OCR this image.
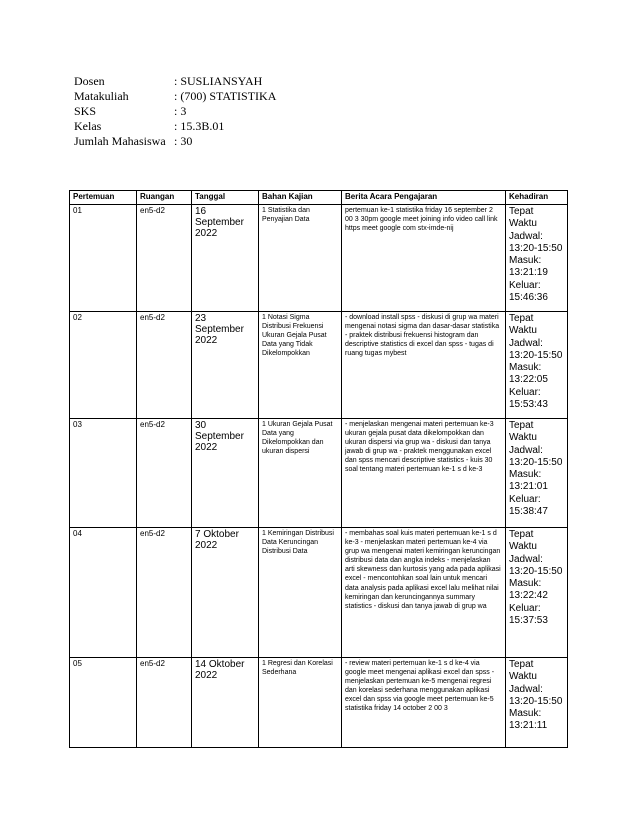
Dosen	: SUSLIANSYAH
Matakuliah	: (700) STATISTIKA
SKS	: 3
Kelas	: 15.3B.01
Jumlah Mahasiswa : 30
Pertemuan	Ruangan	Tanggal	Bahan Kajian	Berita Acara Pengajaran	Kehadiran
01	en5-d2	16 September 2022	1 Statistika dan Penyajian Data	pertemuan ke-1 statistika friday 16 september 2 00 3 30pm google meet joining info video call link https meet google com stx-imde-nij	Tepat Waktu Jadwal: 13:20-15:50 Masuk: 13:21:19 Keluar: 15:46:36
02	en5-d2	23 September 2022	1 Notasi Sigma Distribusi Frekuensi Ukuran Gejala Pusat Data yang Tidak Dikelompokkan	- download install spss - diskusi di grup wa materi mengenai notasi sigma dan dasar-dasar statistika - praktek distribusi frekuensi histogram dan descriptive statistics di excel dan spss - tugas di ruang tugas mybest	Tepat Waktu Jadwal: 13:20-15:50 Masuk: 13:22:05 Keluar: 15:53:43
03	en5-d2	30 September 2022	1 Ukuran Gejala Pusat Data yang Dikelompokkan dan ukuran dispersi	- menjelaskan mengenai materi pertemuan ke-3 ukuran gejala pusat data dikelompokkan dan ukuran dispersi via grup wa - diskusi dan tanya jawab di grup wa - praktek menggunakan excel dan spss mencari descriptive statistics - kuis 30 soal tentang materi pertemuan ke-1 s d ke-3	Tepat Waktu Jadwal: 13:20-15:50 Masuk: 13:21:01 Keluar: 15:38:47
04	en5-d2	7 Oktober 2022	1 Kemiringan Distribusi Data Keruncingan Distribusi Data	- membahas soal kuis materi pertemuan ke-1 s d ke-3 - menjelaskan materi pertemuan ke-4 via grup wa mengenai materi kemiringan keruncingan distribusi data dan angka indeks - menjelaskan arti skewness dan kurtosis yang ada pada aplikasi excel - mencontohkan soal lain untuk mencari data analysis pada aplikasi excel lalu melihat nilai kemiringan dan keruncingannya summary statistics - diskusi dan tanya jawab di grup wa	Tepat Waktu Jadwal: 13:20-15:50 Masuk: 13:22:42 Keluar: 15:37:53
05	en5-d2	14 Oktober 2022	1 Regresi dan Korelasi Sederhana	- review materi pertemuan ke-1 s d ke-4 via google meet mengenai aplikasi excel dan spss - menjelaskan pertemuan ke-5 mengenai regresi dan korelasi sederhana menggunakan aplikasi excel dan spss via google meet pertemuan ke-5 statistika friday 14 october 2 00 3	Tepat Waktu Jadwal: 13:20-15:50 Masuk: 13:21:11
